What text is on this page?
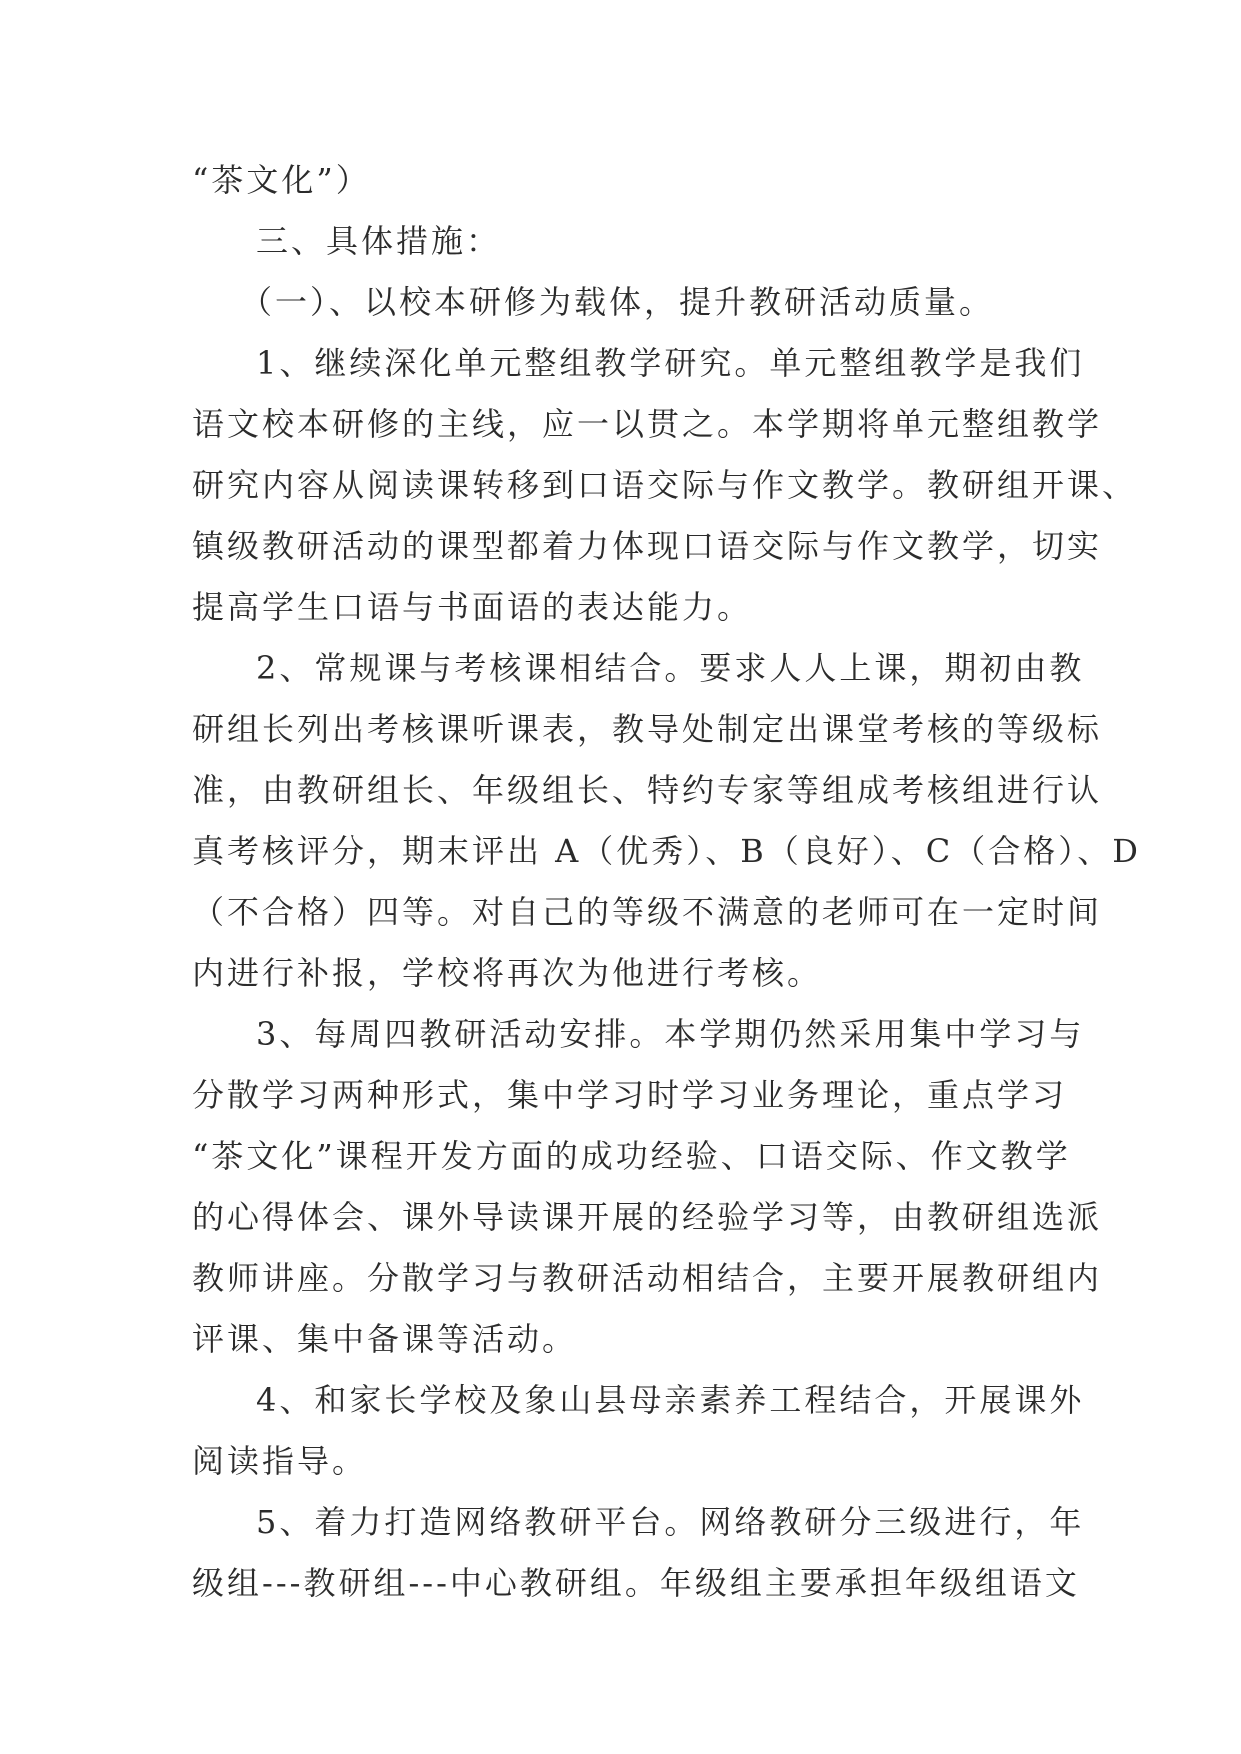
“茶文化”）
三、具体措施：
（一）、以校本研修为载体，提升教研活动质量。
1、继续深化单元整组教学研究。单元整组教学是我们
语文校本研修的主线，应一以贯之。本学期将单元整组教学
研究内容从阅读课转移到口语交际与作文教学。教研组开课、
镇级教研活动的课型都着力体现口语交际与作文教学，切实
提高学生口语与书面语的表达能力。
2、常规课与考核课相结合。要求人人上课，期初由教
研组长列出考核课听课表，教导处制定出课堂考核的等级标
准，由教研组长、年级组长、特约专家等组成考核组进行认
真考核评分，期末评出 A（优秀）、B（良好）、C（合格）、D
（不合格）四等。对自己的等级不满意的老师可在一定时间
内进行补报，学校将再次为他进行考核。
3、每周四教研活动安排。本学期仍然采用集中学习与
分散学习两种形式，集中学习时学习业务理论，重点学习
“茶文化”课程开发方面的成功经验、口语交际、作文教学
的心得体会、课外导读课开展的经验学习等，由教研组选派
教师讲座。分散学习与教研活动相结合，主要开展教研组内
评课、集中备课等活动。
4、和家长学校及象山县母亲素养工程结合，开展课外
阅读指导。
5、着力打造网络教研平台。网络教研分三级进行，年
级组---教研组---中心教研组。年级组主要承担年级组语文
